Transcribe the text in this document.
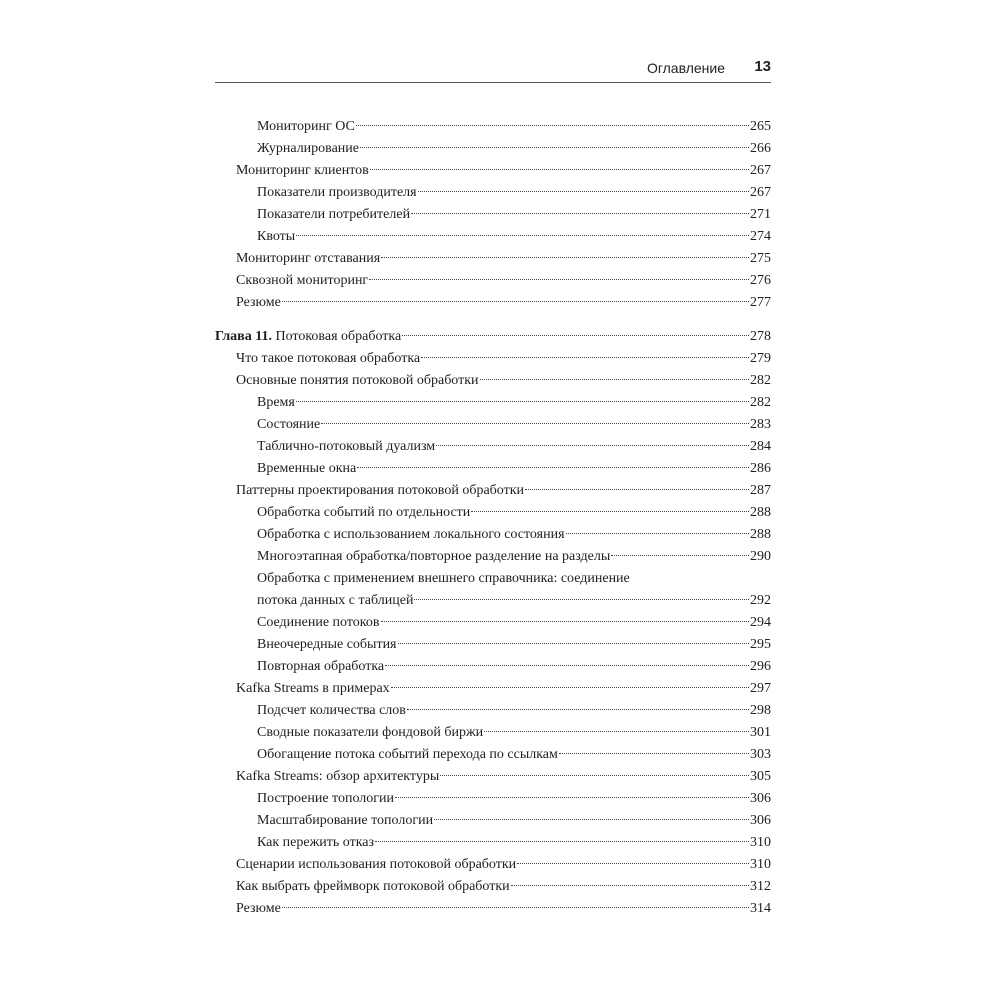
Оглавление 13
Мониторинг ОС	265
Журналирование	266
Мониторинг клиентов	267
Показатели производителя	267
Показатели потребителей	271
Квоты	274
Мониторинг отставания	275
Сквозной мониторинг	276
Резюме	277
Глава 11. Потоковая обработка	278
Что такое потоковая обработка	279
Основные понятия потоковой обработки	282
Время	282
Состояние	283
Таблично-потоковый дуализм	284
Временные окна	286
Паттерны проектирования потоковой обработки	287
Обработка событий по отдельности	288
Обработка с использованием локального состояния	288
Многоэтапная обработка/повторное разделение на разделы	290
Обработка с применением внешнего справочника: соединение
потока данных с таблицей	292
Соединение потоков	294
Внеочередные события	295
Повторная обработка	296
Kafka Streams в примерах	297
Подсчет количества слов	298
Сводные показатели фондовой биржи	301
Обогащение потока событий перехода по ссылкам	303
Kafka Streams: обзор архитектуры	305
Построение топологии	306
Масштабирование топологии	306
Как пережить отказ	310
Сценарии использования потоковой обработки	310
Как выбрать фреймворк потоковой обработки	312
Резюме	314
